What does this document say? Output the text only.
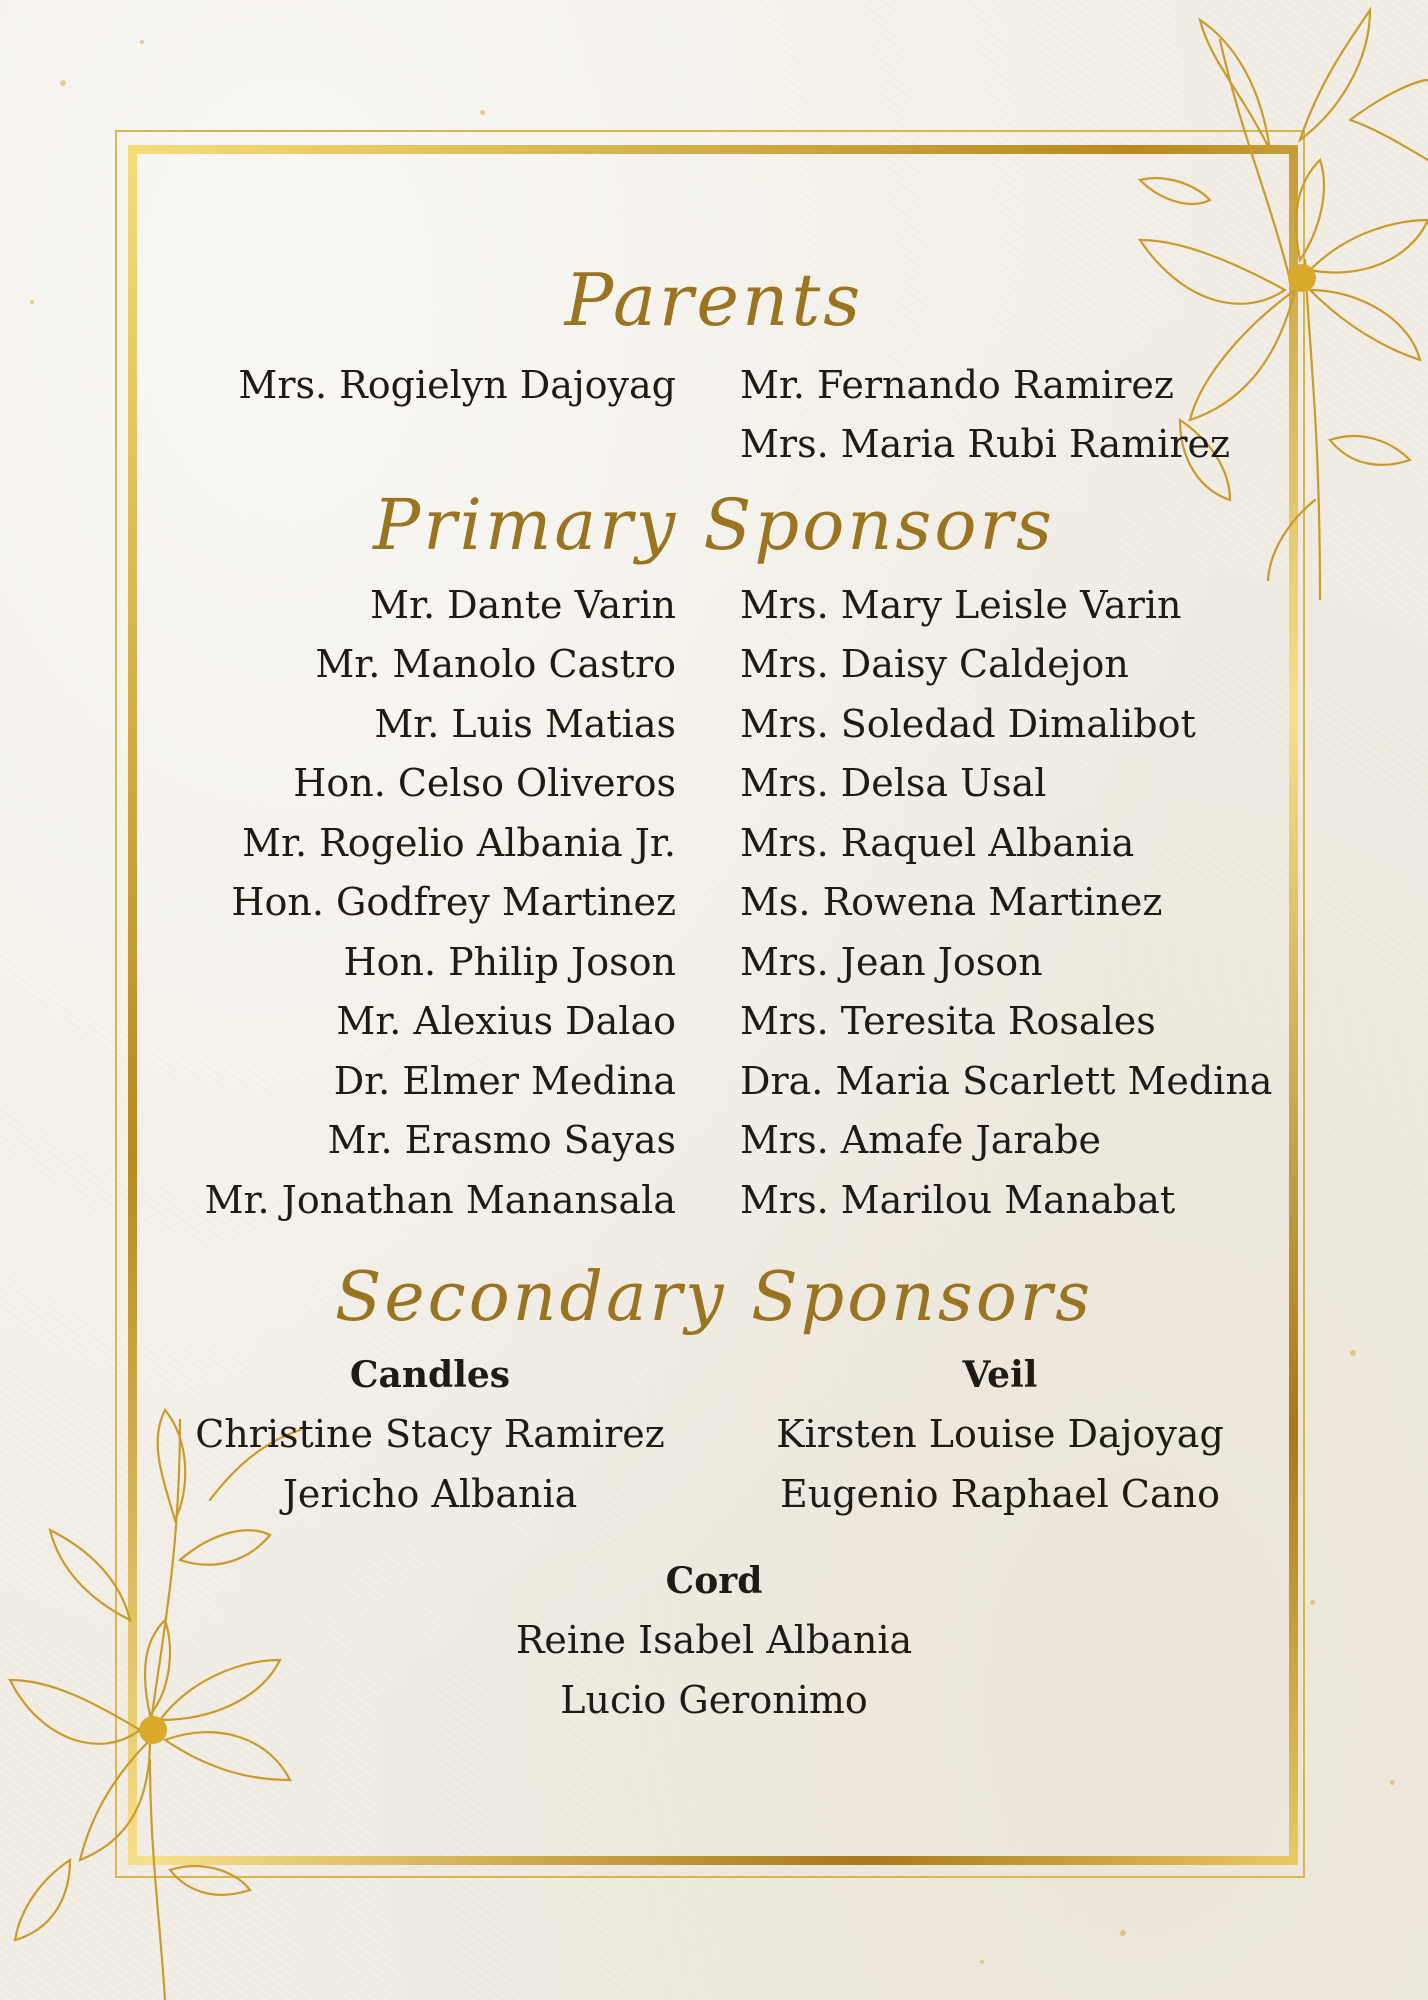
Parents
Mrs. Rogielyn Dajoyag Mr. Fernando Ramirez
Mrs. Maria Rubi Ramirez
Primary Sponsors
Mr. Dante Varin
Mr. Manolo Castro
Mr. Luis Matias
Hon. Celso Oliveros
Mr. Rogelio Albania Jr.
Hon. Godfrey Martinez
Hon. Philip Joson
Mr. Alexius Dalao
Dr. Elmer Medina
Mr. Erasmo Sayas
Mr. Jonathan Manansala
Mrs. Mary Leisle Varin
Mrs. Daisy Caldejon
Mrs. Soledad Dimalibot
Mrs. Delsa Usal
Mrs. Raquel Albania
Ms. Rowena Martinez
Mrs. Jean Joson
Mrs. Teresita Rosales
Dra. Maria Scarlett Medina
Mrs. Amafe Jarabe
Mrs. Marilou Manabat
Secondary Sponsors
Candles
Christine Stacy Ramirez
Jericho Albania
Veil
Kirsten Louise Dajoyag
Eugenio Raphael Cano
Cord
Reine Isabel Albania
Lucio Geronimo
